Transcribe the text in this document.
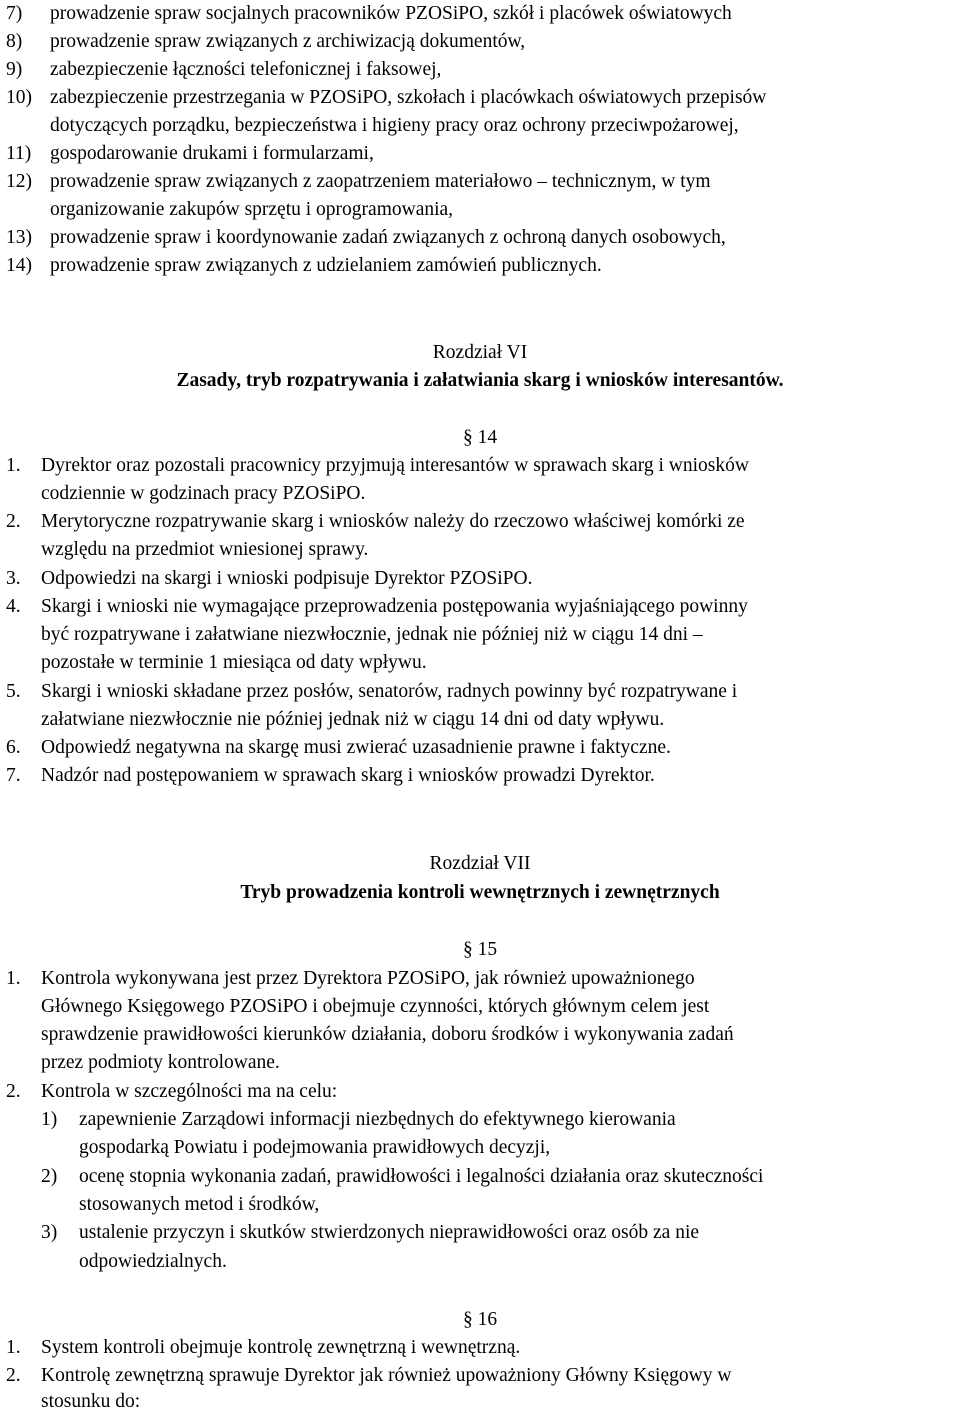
7) prowadzenie spraw socjalnych pracowników PZOSiPO, szkół i placówek oświatowych
8) prowadzenie spraw związanych z archiwizacją dokumentów,
9) zabezpieczenie łączności telefonicznej i faksowej,
10) zabezpieczenie przestrzegania w PZOSiPO, szkołach i placówkach oświatowych przepisów
dotyczących porządku, bezpieczeństwa i higieny pracy oraz ochrony przeciwpożarowej,
11) gospodarowanie drukami i formularzami,
12) prowadzenie spraw związanych z zaopatrzeniem materiałowo – technicznym, w tym
organizowanie zakupów sprzętu i oprogramowania,
13) prowadzenie spraw i koordynowanie zadań związanych z ochroną danych osobowych,
14) prowadzenie spraw związanych z udzielaniem zamówień publicznych.
Rozdział VI
Zasady, tryb rozpatrywania i załatwiania skarg i wniosków interesantów.
§ 14
1. Dyrektor oraz pozostali pracownicy przyjmują interesantów w sprawach skarg i wniosków
codziennie w godzinach pracy PZOSiPO.
2. Merytoryczne rozpatrywanie skarg i wniosków należy do rzeczowo właściwej komórki ze
względu na przedmiot wniesionej sprawy.
3. Odpowiedzi na skargi i wnioski podpisuje Dyrektor PZOSiPO.
4. Skargi i wnioski nie wymagające przeprowadzenia postępowania wyjaśniającego powinny
być rozpatrywane i załatwiane niezwłocznie, jednak nie później niż w ciągu 14 dni –
pozostałe w terminie 1 miesiąca od daty wpływu.
5. Skargi i wnioski składane przez posłów, senatorów, radnych powinny być rozpatrywane i
załatwiane niezwłocznie nie później jednak niż w ciągu 14 dni od daty wpływu.
6. Odpowiedź negatywna na skargę musi zwierać uzasadnienie prawne i faktyczne.
7. Nadzór nad postępowaniem w sprawach skarg i wniosków prowadzi Dyrektor.
Rozdział VII
Tryb prowadzenia kontroli wewnętrznych i zewnętrznych
§ 15
1. Kontrola wykonywana jest przez Dyrektora PZOSiPO, jak również upoważnionego
Głównego Księgowego PZOSiPO i obejmuje czynności, których głównym celem jest
sprawdzenie prawidłowości kierunków działania, doboru środków i wykonywania zadań
przez podmioty kontrolowane.
2. Kontrola w szczególności ma na celu:
1) zapewnienie Zarządowi informacji niezbędnych do efektywnego kierowania
gospodarką Powiatu i podejmowania prawidłowych decyzji,
2) ocenę stopnia wykonania zadań, prawidłowości i legalności działania oraz skuteczności
stosowanych metod i środków,
3) ustalenie przyczyn i skutków stwierdzonych nieprawidłowości oraz osób za nie
odpowiedzialnych.
§ 16
1. System kontroli obejmuje kontrolę zewnętrzną i wewnętrzną.
2. Kontrolę zewnętrzną sprawuje Dyrektor jak również upoważniony Główny Księgowy w
stosunku do:
